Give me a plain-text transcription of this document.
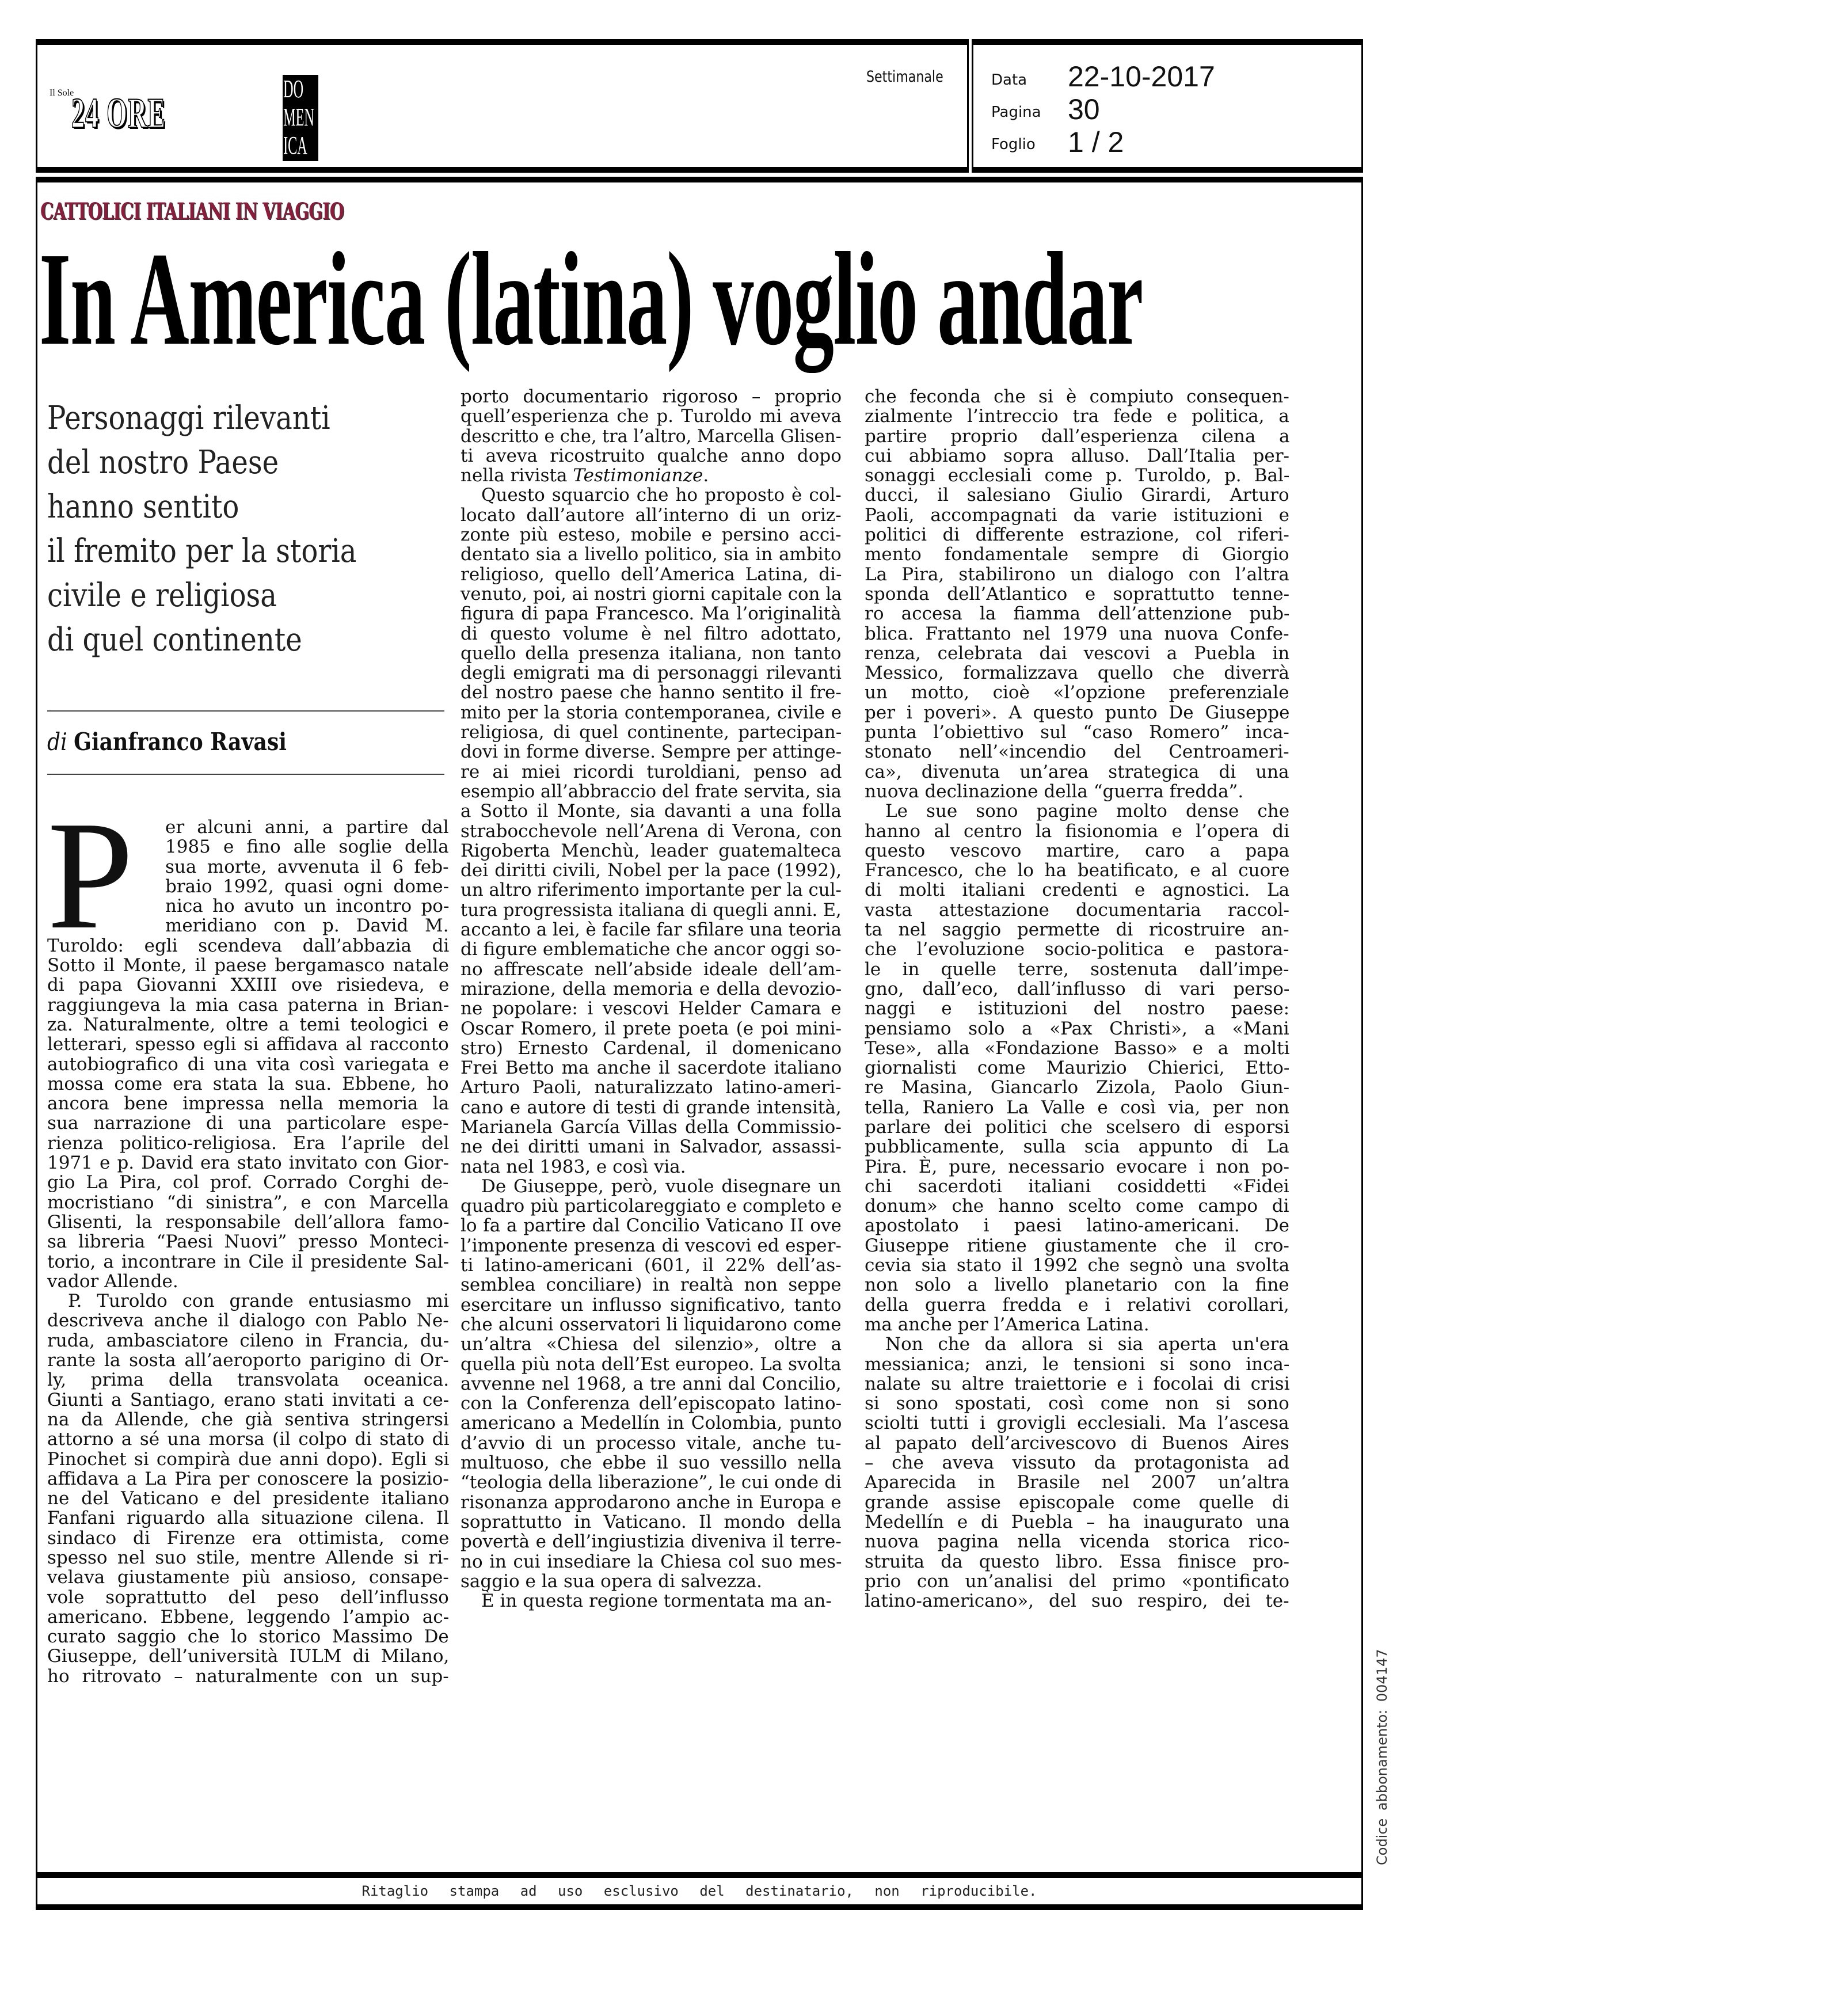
Il Sole
24 ORE
DO
MEN
ICA
Settimanale	Data	22-10-2017
Pagina 30
Foglio	1 / 2
CATTOLICI ITALIANI IN VIAGGIO
In America (latina) voglio andar
Personaggi rilevanti
del nostro Paese
hanno sentito
il fremito per la storia
civile e religiosa
di quel continente
di Gianfranco Ravasi
P	er alcuni anni, a partire dal
1985 e fino alle soglie della
sua morte, avvenuta il 6 feb-
braio 1992, quasi ogni dome-
nica ho avuto un incontro po-
meridiano con p. David M.
Turoldo: egli scendeva dall’abbazia di
Sotto il Monte, il paese bergamasco natale
di papa Giovanni XXIII ove risiedeva, e
raggiungeva la mia casa paterna in Brian-
za. Naturalmente, oltre a temi teologici e
letterari, spesso egli si affidava al racconto
autobiografico di una vita così variegata e
mossa come era stata la sua. Ebbene, ho
ancora bene impressa nella memoria la
sua narrazione di una particolare espe-
rienza politico-religiosa. Era l’aprile del
1971 e p. David era stato invitato con Gior-
gio La Pira, col prof. Corrado Corghi de-
mocristiano “di sinistra”, e con Marcella
Glisenti, la responsabile dell’allora famo-
sa libreria “Paesi Nuovi” presso Monteci-
torio, a incontrare in Cile il presidente Sal-
vador Allende.
P. Turoldo con grande entusiasmo mi
descriveva anche il dialogo con Pablo Ne-
ruda, ambasciatore cileno in Francia, du-
rante la sosta all’aeroporto parigino di Or-
ly, prima della transvolata oceanica.
Giunti a Santiago, erano stati invitati a ce-
na da Allende, che già sentiva stringersi
attorno a sé una morsa (il colpo di stato di
Pinochet si compirà due anni dopo). Egli si
affidava a La Pira per conoscere la posizio-
ne del Vaticano e del presidente italiano
Fanfani riguardo alla situazione cilena. Il
sindaco di Firenze era ottimista, come
spesso nel suo stile, mentre Allende si ri-
velava giustamente più ansioso, consape-
vole soprattutto del peso dell’influsso
americano. Ebbene, leggendo l’ampio ac-
curato saggio che lo storico Massimo De
Giuseppe, dell’università IULM di Milano,
ho ritrovato – naturalmente con un sup-
porto documentario rigoroso – proprio
quell’esperienza che p. Turoldo mi aveva
descritto e che, tra l’altro, Marcella Glisen-
ti aveva ricostruito qualche anno dopo
nella rivista Testimonianze.
Questo squarcio che ho proposto è col-
locato dall’autore all’interno di un oriz-
zonte più esteso, mobile e persino acci-
dentato sia a livello politico, sia in ambito
religioso, quello dell’America Latina, di-
venuto, poi, ai nostri giorni capitale con la
figura di papa Francesco. Ma l’originalità
di questo volume è nel filtro adottato,
quello della presenza italiana, non tanto
degli emigrati ma di personaggi rilevanti
del nostro paese che hanno sentito il fre-
mito per la storia contemporanea, civile e
religiosa, di quel continente, partecipan-
dovi in forme diverse. Sempre per attinge-
re ai miei ricordi turoldiani, penso ad
esempio all’abbraccio del frate servita, sia
a Sotto il Monte, sia davanti a una folla
strabocchevole nell’Arena di Verona, con
Rigoberta Menchù, leader guatemalteca
dei diritti civili, Nobel per la pace (1992),
un altro riferimento importante per la cul-
tura progressista italiana di quegli anni. E,
accanto a lei, è facile far sfilare una teoria
di figure emblematiche che ancor oggi so-
no affrescate nell’abside ideale dell’am-
mirazione, della memoria e della devozio-
ne popolare: i vescovi Helder Camara e
Oscar Romero, il prete poeta (e poi mini-
stro) Ernesto Cardenal, il domenicano
Frei Betto ma anche il sacerdote italiano
Arturo Paoli, naturalizzato latino-ameri-
cano e autore di testi di grande intensità,
Marianela García Villas della Commissio-
ne dei diritti umani in Salvador, assassi-
nata nel 1983, e così via.
De Giuseppe, però, vuole disegnare un
quadro più particolareggiato e completo e
lo fa a partire dal Concilio Vaticano II ove
l’imponente presenza di vescovi ed esper-
ti latino-americani (601, il 22% dell’as-
semblea conciliare) in realtà non seppe
esercitare un influsso significativo, tanto
che alcuni osservatori li liquidarono come
un’altra «Chiesa del silenzio», oltre a
quella più nota dell’Est europeo. La svolta
avvenne nel 1968, a tre anni dal Concilio,
con la Conferenza dell’episcopato latino-
americano a Medellín in Colombia, punto
d’avvio di un processo vitale, anche tu-
multuoso, che ebbe il suo vessillo nella
“teologia della liberazione”, le cui onde di
risonanza approdarono anche in Europa e
soprattutto in Vaticano. Il mondo della
povertà e dell’ingiustizia diveniva il terre-
no in cui insediare la Chiesa col suo mes-
saggio e la sua opera di salvezza.
È in questa regione tormentata ma an-
che feconda che si è compiuto consequen-
zialmente l’intreccio tra fede e politica, a
partire proprio dall’esperienza cilena a
cui abbiamo sopra alluso. Dall’Italia per-
sonaggi ecclesiali come p. Turoldo, p. Bal-
ducci, il salesiano Giulio Girardi, Arturo
Paoli, accompagnati da varie istituzioni e
politici di differente estrazione, col riferi-
mento fondamentale sempre di Giorgio
La Pira, stabilirono un dialogo con l’altra
sponda dell’Atlantico e soprattutto tenne-
ro accesa la fiamma dell’attenzione pub-
blica. Frattanto nel 1979 una nuova Confe-
renza, celebrata dai vescovi a Puebla in
Messico, formalizzava quello che diverrà
un motto, cioè «l’opzione preferenziale
per i poveri». A questo punto De Giuseppe
punta l’obiettivo sul “caso Romero” inca-
stonato nell’«incendio del Centroameri-
ca», divenuta un’area strategica di una
nuova declinazione della “guerra fredda”.
Le sue sono pagine molto dense che
hanno al centro la fisionomia e l’opera di
questo vescovo martire, caro a papa
Francesco, che lo ha beatificato, e al cuore
di molti italiani credenti e agnostici. La
vasta attestazione documentaria raccol-
ta nel saggio permette di ricostruire an-
che l’evoluzione socio-politica e pastora-
le in quelle terre, sostenuta dall’impe-
gno, dall’eco, dall’influsso di vari perso-
naggi e istituzioni del nostro paese:
pensiamo solo a «Pax Christi», a «Mani
Tese», alla «Fondazione Basso» e a molti
giornalisti come Maurizio Chierici, Etto-
re Masina, Giancarlo Zizola, Paolo Giun-
tella, Raniero La Valle e così via, per non
parlare dei politici che scelsero di esporsi
pubblicamente, sulla scia appunto di La
Pira. È, pure, necessario evocare i non po-
chi sacerdoti italiani cosiddetti «Fidei
donum» che hanno scelto come campo di
apostolato i paesi latino-americani. De
Giuseppe ritiene giustamente che il cro-
cevia sia stato il 1992 che segnò una svolta
non solo a livello planetario con la fine
della guerra fredda e i relativi corollari,
ma anche per l’America Latina.
Non che da allora si sia aperta un'era
messianica; anzi, le tensioni si sono inca-
nalate su altre traiettorie e i focolai di crisi
si sono spostati, così come non si sono
sciolti tutti i grovigli ecclesiali. Ma l’ascesa
al papato dell’arcivescovo di Buenos Aires
– che aveva vissuto da protagonista ad
Aparecida in Brasile nel 2007 un’altra
grande assise episcopale come quelle di
Medellín e di Puebla – ha inaugurato una
nuova pagina nella vicenda storica rico-
struita da questo libro. Essa finisce pro-
prio con un’analisi del primo «pontificato
latino-americano», del suo respiro, dei te-
Ritaglio stampa ad uso esclusivo del destinatario, non riproducibile.
Codice abbonamento: 004147
